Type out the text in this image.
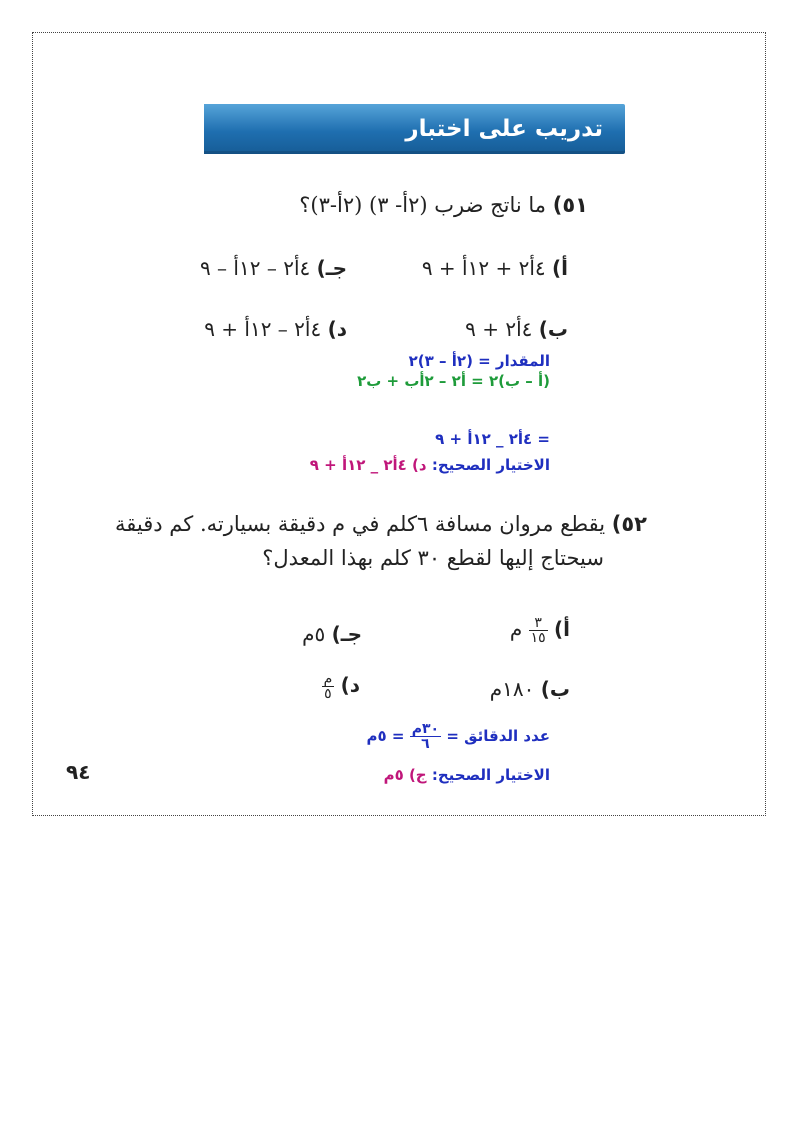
تدريب على اختبار
٥١) ما ناتج ضرب (٢أ- ٣) (٢أ-٣)؟
أ) ٤أ٢ + ١٢أ + ٩
جـ) ٤أ٢ – ١٢أ – ٩
ب) ٤أ٢ + ٩
د) ٤أ٢ – ١٢أ + ٩
المقدار = (٢أ – ٣)٢
(أ – ب)٢ = أ٢ – ٢أب + ب٢
= ٤أ٢ _ ١٢أ + ٩
الاختيار الصحيح: د) ٤أ٢ _ ١٢أ + ٩
٥٢) يقطع مروان مسافة ٦كلم في م دقيقة بسيارته. كم دقيقة
سيحتاج إليها لقطع ٣٠ كلم بهذا المعدل؟
أ)
$\frac{٣}{١٥}$
م
جـ) ٥م
ب) ١٨٠م
د)
$\frac{\text{م}}{٥}$
عدد الدقائق =
$\frac{\text{٣٠م}}{٦}$
= ٥م
الاختيار الصحيح: ج) ٥م
٩٤
